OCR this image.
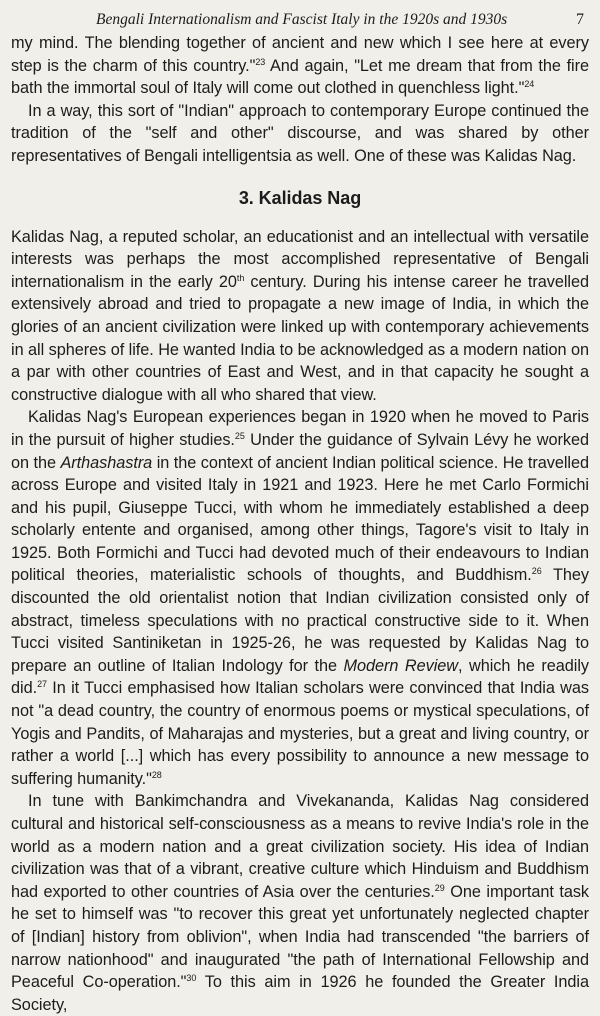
Bengali Internationalism and Fascist Italy in the 1920s and 1930s	7

my mind. The blending together of ancient and new which I see here at every step is the charm of this country."$^{23}$ And again, "Let me dream that from the fire bath the immortal soul of Italy will come out clothed in quenchless light."$^{24}$

In a way, this sort of "Indian" approach to contemporary Europe continued the tradition of the "self and other" discourse, and was shared by other representatives of Bengali intelligentsia as well. One of these was Kalidas Nag.

3. Kalidas Nag

Kalidas Nag, a reputed scholar, an educationist and an intellectual with versatile interests was perhaps the most accomplished representative of Bengali internationalism in the early 20th century. During his intense career he travelled extensively abroad and tried to propagate a new image of India, in which the glories of an ancient civilization were linked up with contemporary achievements in all spheres of life. He wanted India to be acknowledged as a modern nation on a par with other countries of East and West, and in that capacity he sought a constructive dialogue with all who shared that view.

Kalidas Nag's European experiences began in 1920 when he moved to Paris in the pursuit of higher studies.$^{25}$ Under the guidance of Sylvain Lévy he worked on the Arthashastra in the context of ancient Indian political science. He travelled across Europe and visited Italy in 1921 and 1923. Here he met Carlo Formichi and his pupil, Giuseppe Tucci, with whom he immediately established a deep scholarly entente and organised, among other things, Tagore's visit to Italy in 1925. Both Formichi and Tucci had devoted much of their endeavours to Indian political theories, materialistic schools of thoughts, and Buddhism.$^{26}$ They discounted the old orientalist notion that Indian civilization consisted only of abstract, timeless speculations with no practical constructive side to it. When Tucci visited Santiniketan in 1925-26, he was requested by Kalidas Nag to prepare an outline of Italian Indology for the Modern Review, which he readily did.$^{27}$ In it Tucci emphasised how Italian scholars were convinced that India was not "a dead country, the country of enormous poems or mystical speculations, of Yogis and Pandits, of Maharajas and mysteries, but a great and living country, or rather a world [...] which has every possibility to announce a new message to suffering humanity."$^{28}$

In tune with Bankimchandra and Vivekananda, Kalidas Nag considered cultural and historical self-consciousness as a means to revive India's role in the world as a modern nation and a great civilization society. His idea of Indian civilization was that of a vibrant, creative culture which Hinduism and Buddhism had exported to other countries of Asia over the centuries.$^{29}$ One important task he set to himself was "to recover this great yet unfortunately neglected chapter of [Indian] history from oblivion", when India had transcended "the barriers of narrow nationhood" and inaugurated "the path of International Fellowship and Peaceful Co-operation."$^{30}$ To this aim in 1926 he founded the Greater India Society,
